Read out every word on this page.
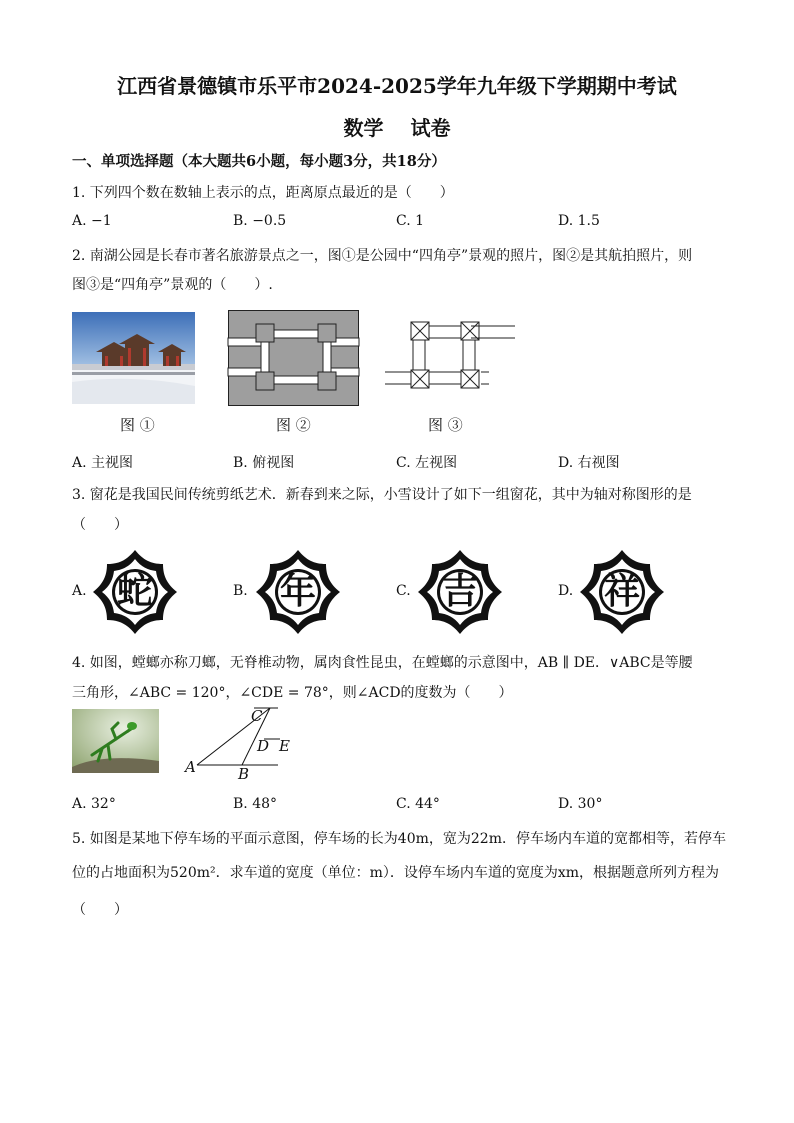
江西省景德镇市乐平市2024-2025学年九年级下学期期中考试
数学　 试卷
一、单项选择题（本大题共6小题，每小题3分，共18分）
1. 下列四个数在数轴上表示的点，距离原点最近的是（　　）
A. −1	B. −0.5	C. 1	D. 1.5
2. 南湖公园是长春市著名旅游景点之一，图①是公园中“四角亭”景观的照片，图②是其航拍照片，则
图③是“四角亭”景观的（　　）.
图 ①	图 ②	图 ③
A. 主视图	B. 俯视图	C. 左视图	D. 右视图
3. 窗花是我国民间传统剪纸艺术．新春到来之际，小雪设计了如下一组窗花，其中为轴对称图形的是
（　　）
A.	B.	C.	D.
蛇	年	吉	祥
4. 如图，螳螂亦称刀螂，无脊椎动物，属肉食性昆虫，在螳螂的示意图中，AB ∥ DE．∨ABC是等腰
三角形，∠ABC = 120°，∠CDE = 78°，则∠ACD的度数为（　　）
C
D E
A	B
A. 32°	B. 48°	C. 44°	D. 30°
5. 如图是某地下停车场的平面示意图，停车场的长为40m，宽为22m．停车场内车道的宽都相等，若停车
位的占地面积为520m²．求车道的宽度（单位：m）．设停车场内车道的宽度为xm，根据题意所列方程为
（　　）
